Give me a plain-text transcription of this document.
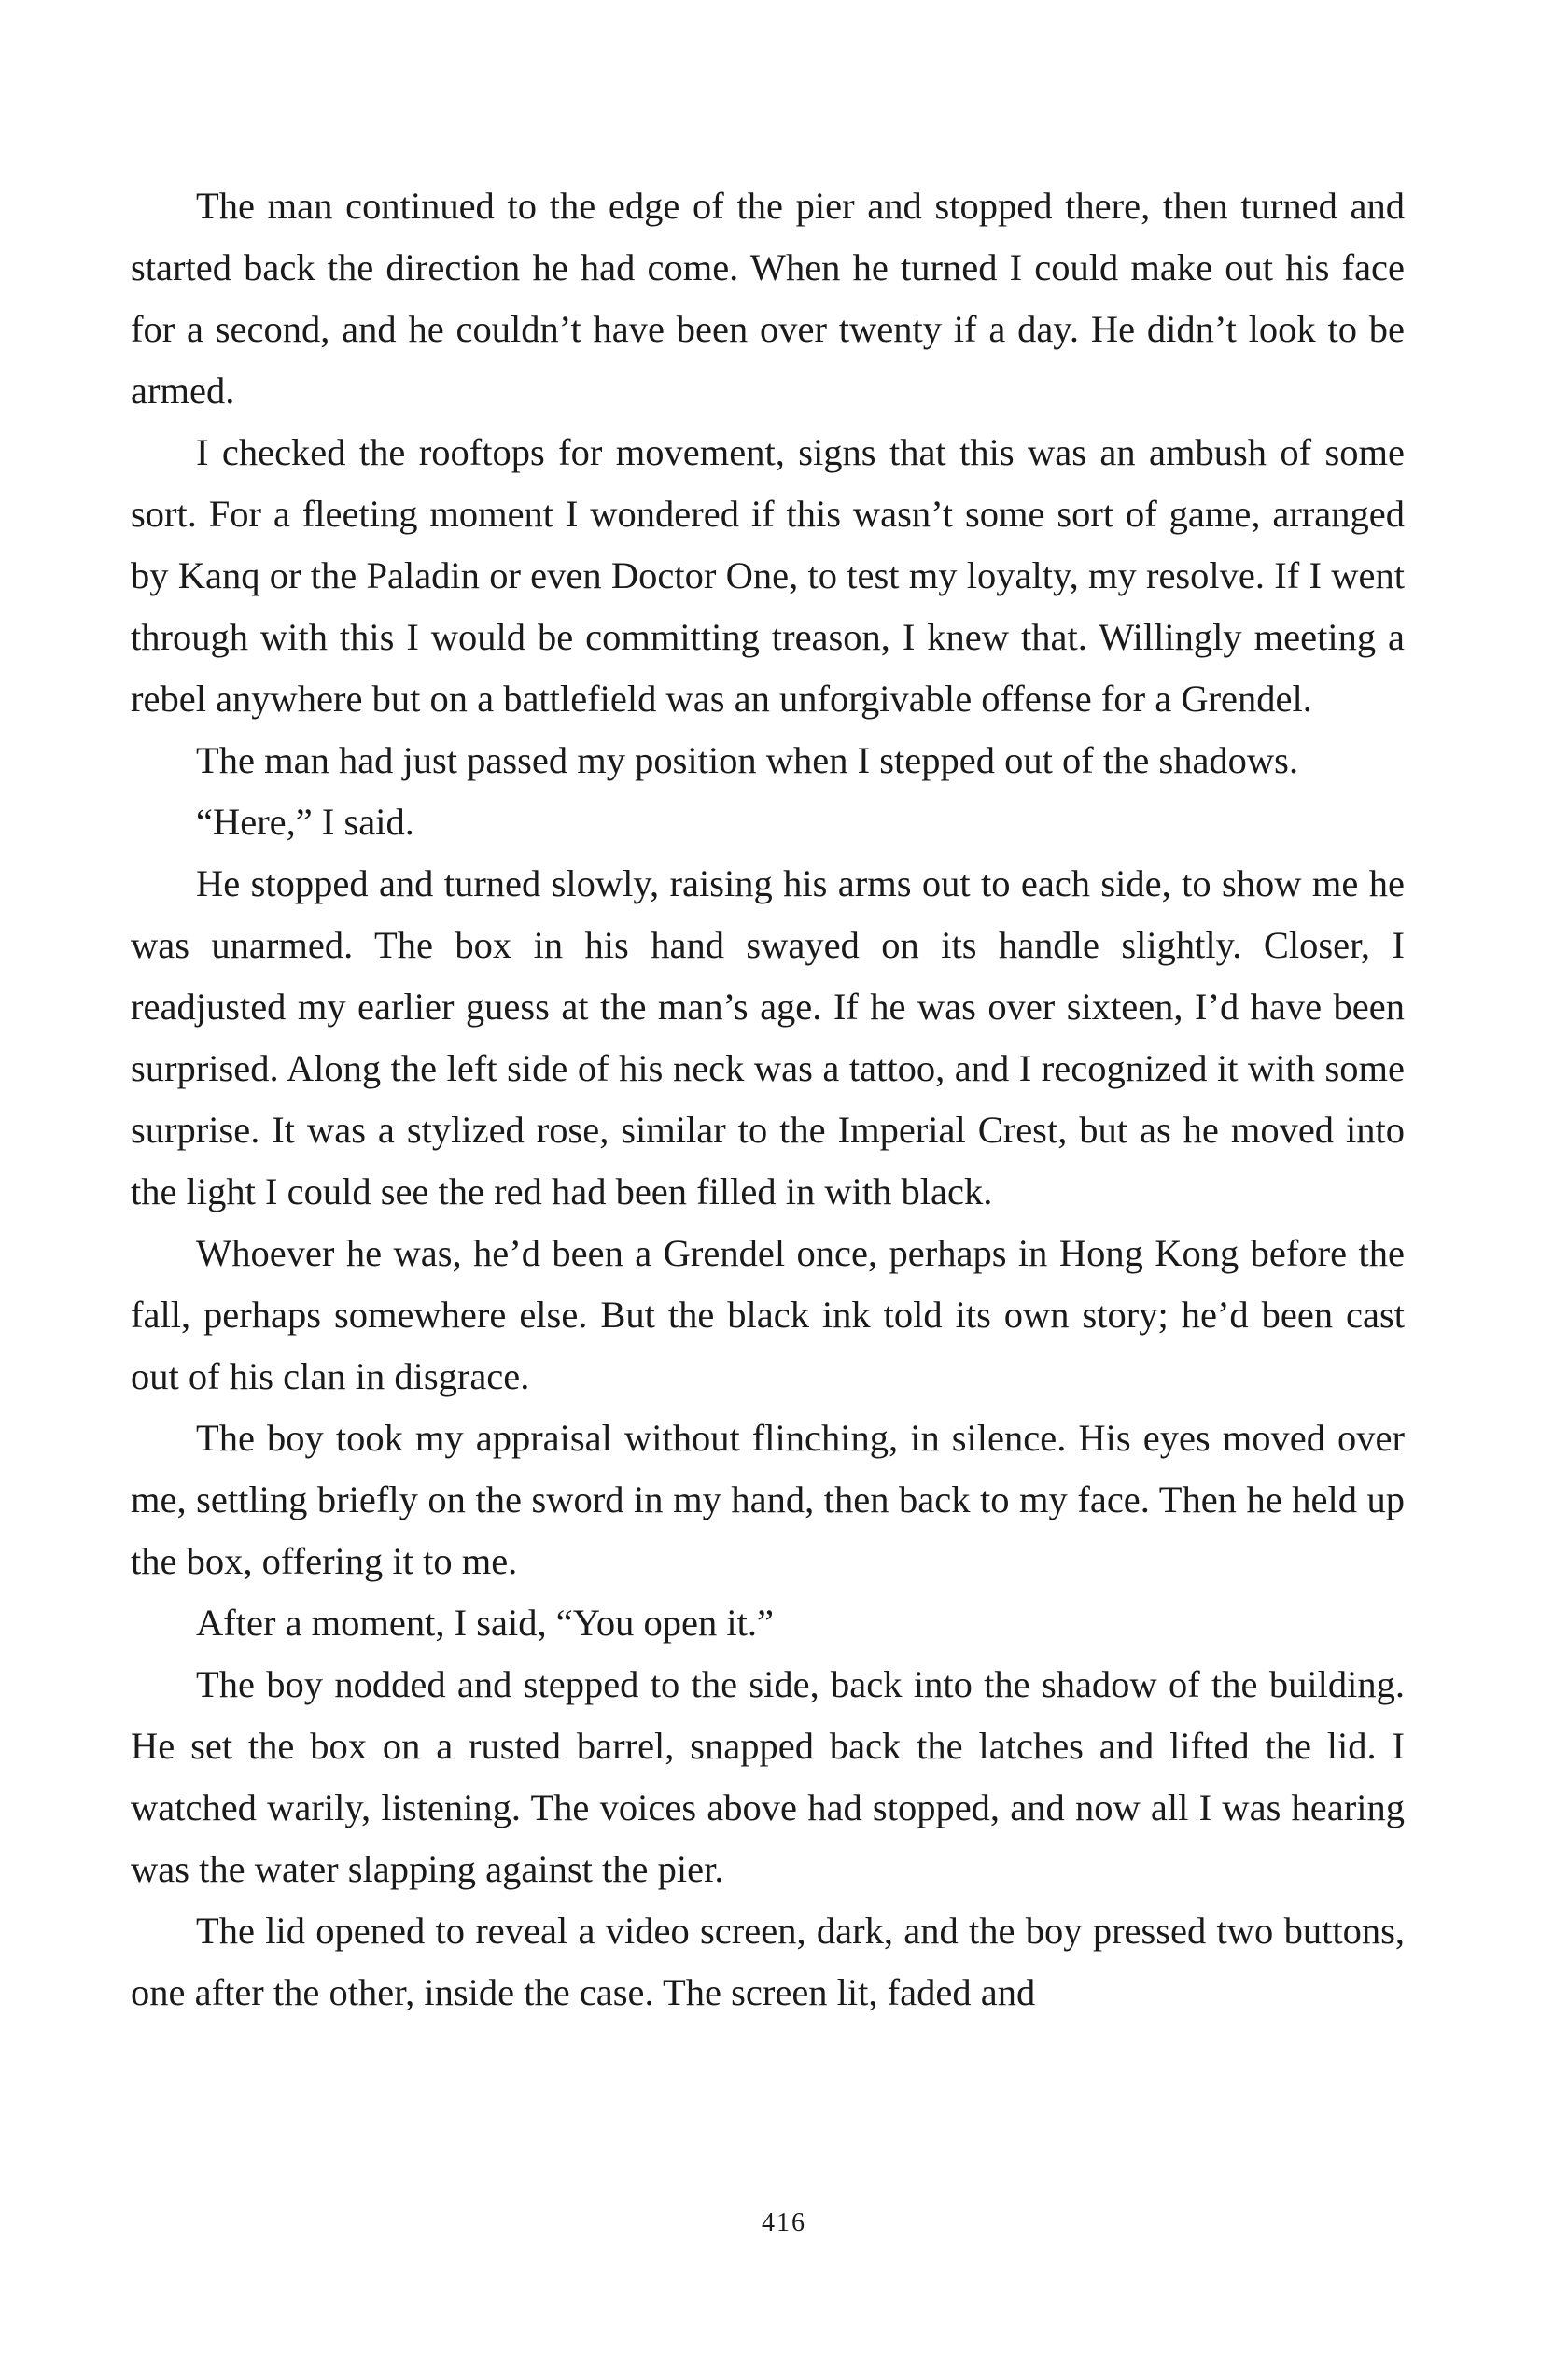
The man continued to the edge of the pier and stopped there, then turned and started back the direction he had come. When he turned I could make out his face for a second, and he couldn’t have been over twenty if a day. He didn’t look to be armed.

I checked the rooftops for movement, signs that this was an ambush of some sort. For a fleeting moment I wondered if this wasn’t some sort of game, arranged by Kanq or the Paladin or even Doctor One, to test my loyalty, my resolve. If I went through with this I would be committing treason, I knew that. Willingly meeting a rebel anywhere but on a battlefield was an unforgivable offense for a Grendel.

The man had just passed my position when I stepped out of the shadows.

“Here,” I said.

He stopped and turned slowly, raising his arms out to each side, to show me he was unarmed. The box in his hand swayed on its handle slightly. Closer, I readjusted my earlier guess at the man’s age. If he was over sixteen, I’d have been surprised. Along the left side of his neck was a tattoo, and I recognized it with some surprise. It was a stylized rose, similar to the Imperial Crest, but as he moved into the light I could see the red had been filled in with black.

Whoever he was, he’d been a Grendel once, perhaps in Hong Kong before the fall, perhaps somewhere else. But the black ink told its own story; he’d been cast out of his clan in disgrace.

The boy took my appraisal without flinching, in silence. His eyes moved over me, settling briefly on the sword in my hand, then back to my face. Then he held up the box, offering it to me.

After a moment, I said, “You open it.”

The boy nodded and stepped to the side, back into the shadow of the building. He set the box on a rusted barrel, snapped back the latches and lifted the lid. I watched warily, listening. The voices above had stopped, and now all I was hearing was the water slapping against the pier.

The lid opened to reveal a video screen, dark, and the boy pressed two buttons, one after the other, inside the case. The screen lit, faded and

416
